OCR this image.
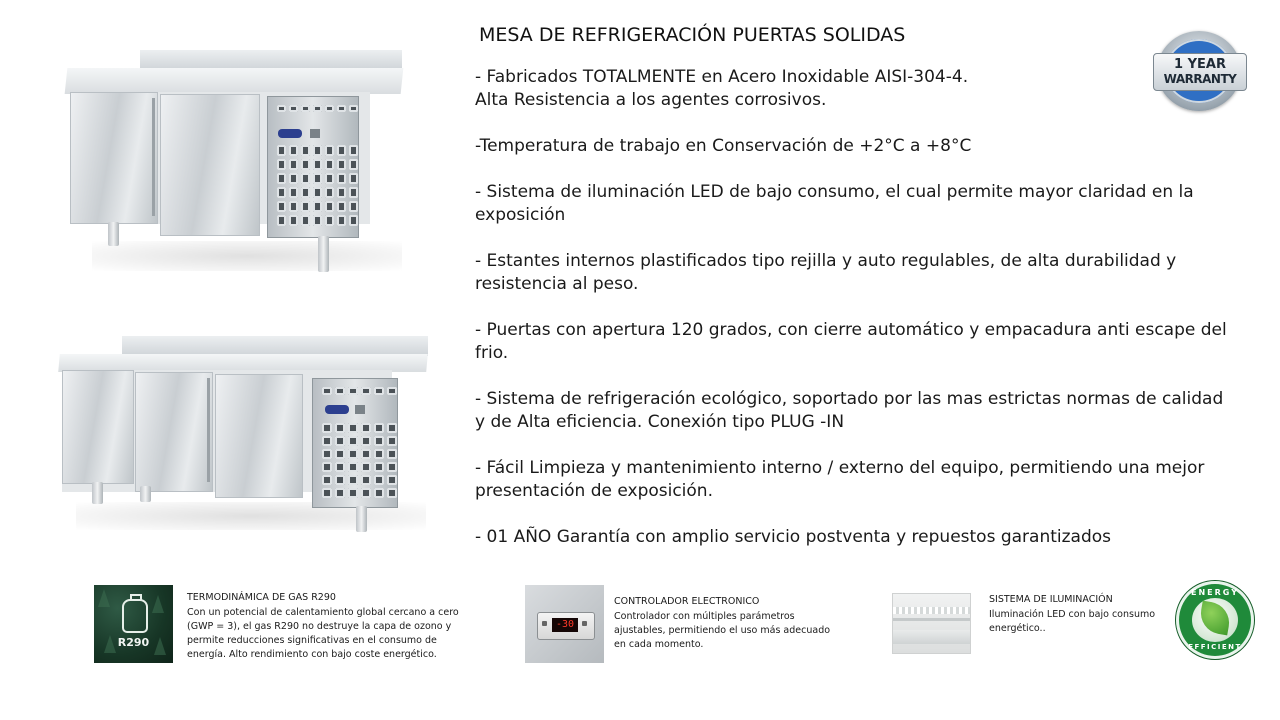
MESA DE REFRIGERACIÓN PUERTAS SOLIDAS
- Fabricados TOTALMENTE en Acero Inoxidable AISI-304-4.
Alta Resistencia a los agentes corrosivos.
-Temperatura de trabajo en Conservación de +2°C a +8°C
- Sistema de iluminación LED de bajo consumo, el cual permite mayor claridad en la exposición
- Estantes internos plastificados tipo rejilla y auto regulables, de alta durabilidad y resistencia al peso.
- Puertas con apertura 120 grados, con cierre automático y empacadura anti escape del frio.
- Sistema de refrigeración ecológico, soportado por las mas estrictas normas de calidad y de Alta eficiencia. Conexión tipo PLUG -IN
- Fácil Limpieza y mantenimiento interno / externo del equipo, permitiendo una mejor presentación de exposición.
- 01 AÑO Garantía con amplio servicio postventa y repuestos garantizados
1 YEAR
WARRANTY
R290
TERMODINÁMICA DE GAS R290
Con un potencial de calentamiento global cercano a cero
(GWP = 3), el gas R290 no destruye la capa de ozono y
permite reducciones significativas en el consumo de
energía. Alto rendimiento con bajo coste energético.
-30
CONTROLADOR ELECTRONICO
Controlador con múltiples parámetros
ajustables, permitiendo el uso más adecuado
en cada momento.
SISTEMA DE ILUMINACIÓN
Iluminación LED con bajo consumo
energético..
ENERGY
EFFICIENT
